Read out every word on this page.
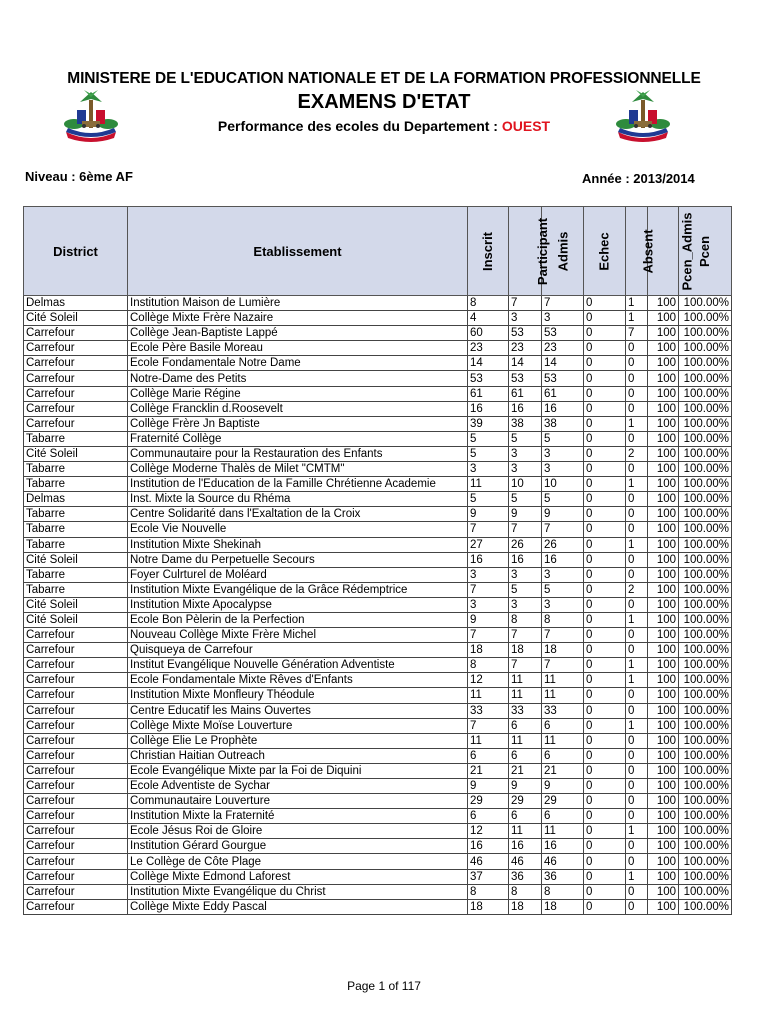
MINISTERE DE L'EDUCATION NATIONALE ET DE LA FORMATION PROFESSIONNELLE
EXAMENS D'ETAT
Performance des ecoles du Departement : OUEST
Niveau : 6ème AF	Année : 2013/2014
District	Etablissement	Inscrit	Participant	Admis	Echec	Absent	Pcen_Admis	Pcen
Delmas	Institution Maison de Lumière	8	7	7	0	1	100	100.00%
Cité Soleil	Collège Mixte Frère Nazaire	4	3	3	0	1	100	100.00%
Carrefour	Collège Jean-Baptiste Lappé	60	53	53	0	7	100	100.00%
Carrefour	Ecole Père Basile Moreau	23	23	23	0	0	100	100.00%
Carrefour	Ecole Fondamentale Notre Dame	14	14	14	0	0	100	100.00%
Carrefour	Notre-Dame des Petits	53	53	53	0	0	100	100.00%
Carrefour	Collège Marie Régine	61	61	61	0	0	100	100.00%
Carrefour	Collège Francklin d.Roosevelt	16	16	16	0	0	100	100.00%
Carrefour	Collège Frère Jn Baptiste	39	38	38	0	1	100	100.00%
Tabarre	Fraternité Collège	5	5	5	0	0	100	100.00%
Cité Soleil	Communautaire pour la Restauration des Enfants	5	3	3	0	2	100	100.00%
Tabarre	Collège Moderne Thalès de Milet "CMTM"	3	3	3	0	0	100	100.00%
Tabarre	Institution de l'Education de la Famille Chrétienne Academie	11	10	10	0	1	100	100.00%
Delmas	Inst. Mixte la Source du Rhéma	5	5	5	0	0	100	100.00%
Tabarre	Centre Solidarité dans l'Exaltation de la Croix	9	9	9	0	0	100	100.00%
Tabarre	Ecole Vie Nouvelle	7	7	7	0	0	100	100.00%
Tabarre	Institution Mixte Shekinah	27	26	26	0	1	100	100.00%
Cité Soleil	Notre Dame du Perpetuelle Secours	16	16	16	0	0	100	100.00%
Tabarre	Foyer Culrturel de Moléard	3	3	3	0	0	100	100.00%
Tabarre	Institution Mixte Evangélique de la Grâce Rédemptrice	7	5	5	0	2	100	100.00%
Cité Soleil	Institution Mixte Apocalypse	3	3	3	0	0	100	100.00%
Cité Soleil	Ecole Bon Pèlerin de la Perfection	9	8	8	0	1	100	100.00%
Carrefour	Nouveau Collège Mixte Frère Michel	7	7	7	0	0	100	100.00%
Carrefour	Quisqueya de Carrefour	18	18	18	0	0	100	100.00%
Carrefour	Institut Evangélique Nouvelle Génération Adventiste	8	7	7	0	1	100	100.00%
Carrefour	Ecole Fondamentale Mixte Rêves d'Enfants	12	11	11	0	1	100	100.00%
Carrefour	Institution Mixte Monfleury Théodule	11	11	11	0	0	100	100.00%
Carrefour	Centre Educatif les Mains Ouvertes	33	33	33	0	0	100	100.00%
Carrefour	Collège Mixte Moïse Louverture	7	6	6	0	1	100	100.00%
Carrefour	Collège Elie Le Prophète	11	11	11	0	0	100	100.00%
Carrefour	Christian Haitian Outreach	6	6	6	0	0	100	100.00%
Carrefour	Ecole Evangélique Mixte par la Foi de Diquini	21	21	21	0	0	100	100.00%
Carrefour	Ecole Adventiste de Sychar	9	9	9	0	0	100	100.00%
Carrefour	Communautaire Louverture	29	29	29	0	0	100	100.00%
Carrefour	Institution Mixte la Fraternité	6	6	6	0	0	100	100.00%
Carrefour	Ecole Jésus Roi de Gloire	12	11	11	0	1	100	100.00%
Carrefour	Institution Gérard Gourgue	16	16	16	0	0	100	100.00%
Carrefour	Le Collège de Côte Plage	46	46	46	0	0	100	100.00%
Carrefour	Collège Mixte Edmond Laforest	37	36	36	0	1	100	100.00%
Carrefour	Institution Mixte Evangélique du Christ	8	8	8	0	0	100	100.00%
Carrefour	Collège Mixte Eddy Pascal	18	18	18	0	0	100	100.00%
Page 1 of 117
